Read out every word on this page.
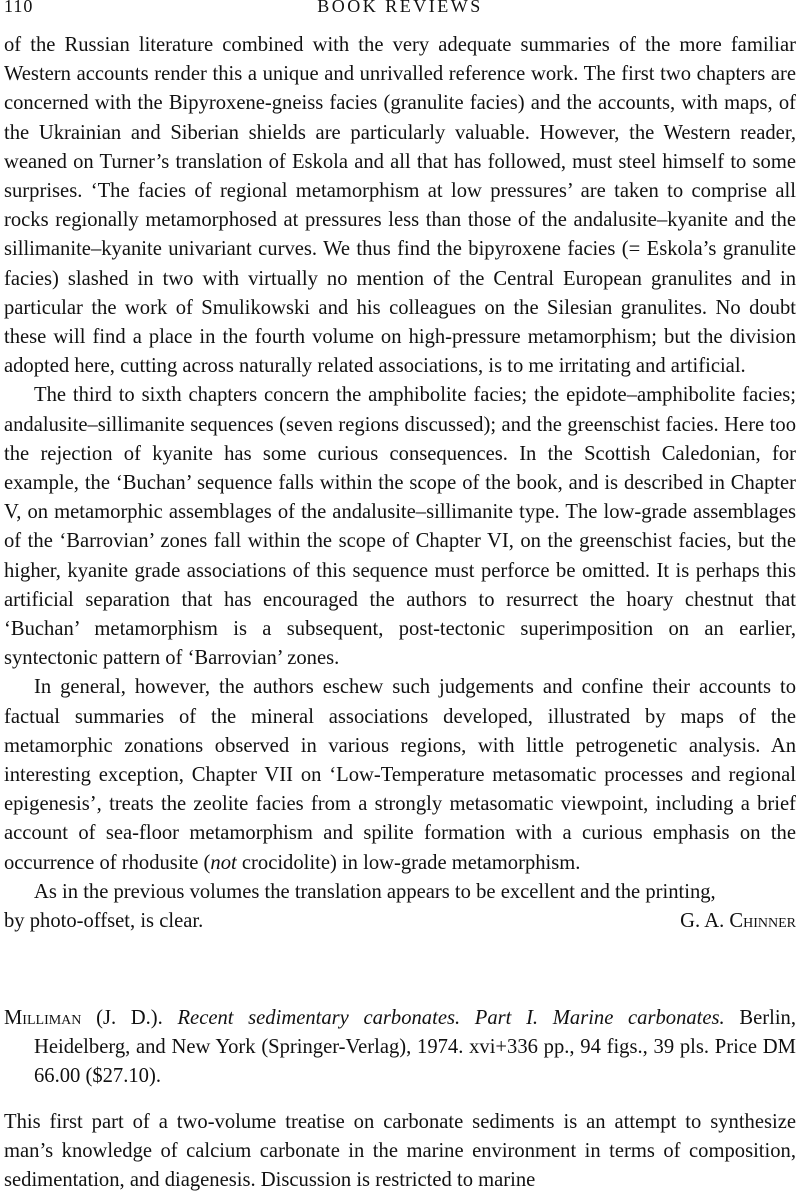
110	BOOK REVIEWS

of the Russian literature combined with the very adequate summaries of the more familiar Western accounts render this a unique and unrivalled reference work. The first two chapters are concerned with the Bipyroxene-gneiss facies (granulite facies) and the accounts, with maps, of the Ukrainian and Siberian shields are particularly valuable. However, the Western reader, weaned on Turner’s translation of Eskola and all that has followed, must steel himself to some surprises. ‘The facies of regional metamorphism at low pressures’ are taken to comprise all rocks regionally metamorphosed at pressures less than those of the andalusite–kyanite and the sillimanite–kyanite univariant curves. We thus find the bipyroxene facies (= Eskola’s granulite facies) slashed in two with virtually no mention of the Central European granulites and in particular the work of Smulikowski and his colleagues on the Silesian granulites. No doubt these will find a place in the fourth volume on high-pressure metamorphism; but the division adopted here, cutting across naturally related associations, is to me irritating and artificial.

The third to sixth chapters concern the amphibolite facies; the epidote–amphibolite facies; andalusite–sillimanite sequences (seven regions discussed); and the greenschist facies. Here too the rejection of kyanite has some curious consequences. In the Scottish Caledonian, for example, the ‘Buchan’ sequence falls within the scope of the book, and is described in Chapter V, on metamorphic assemblages of the andalusite–sillimanite type. The low-grade assemblages of the ‘Barrovian’ zones fall within the scope of Chapter VI, on the greenschist facies, but the higher, kyanite grade associations of this sequence must perforce be omitted. It is perhaps this artificial separation that has encouraged the authors to resurrect the hoary chestnut that ‘Buchan’ metamorphism is a subsequent, post-tectonic superimposition on an earlier, syntectonic pattern of ‘Barrovian’ zones.

In general, however, the authors eschew such judgements and confine their accounts to factual summaries of the mineral associations developed, illustrated by maps of the metamorphic zonations observed in various regions, with little petrogenetic analysis. An interesting exception, Chapter VII on ‘Low-Temperature metasomatic processes and regional epigenesis’, treats the zeolite facies from a strongly metasomatic viewpoint, including a brief account of sea-floor metamorphism and spilite formation with a curious emphasis on the occurrence of rhodusite (not crocidolite) in low-grade metamorphism.

As in the previous volumes the translation appears to be excellent and the printing,

by photo-offset, is clear.	G. A. Chinner

Milliman (J. D.). Recent sedimentary carbonates. Part I. Marine carbonates. Berlin, Heidelberg, and New York (Springer-Verlag), 1974. xvi+336 pp., 94 figs., 39 pls. Price DM 66.00 ($27.10).

This first part of a two-volume treatise on carbonate sediments is an attempt to synthesize man’s knowledge of calcium carbonate in the marine environment in terms of composition, sedimentation, and diagenesis. Discussion is restricted to marine
